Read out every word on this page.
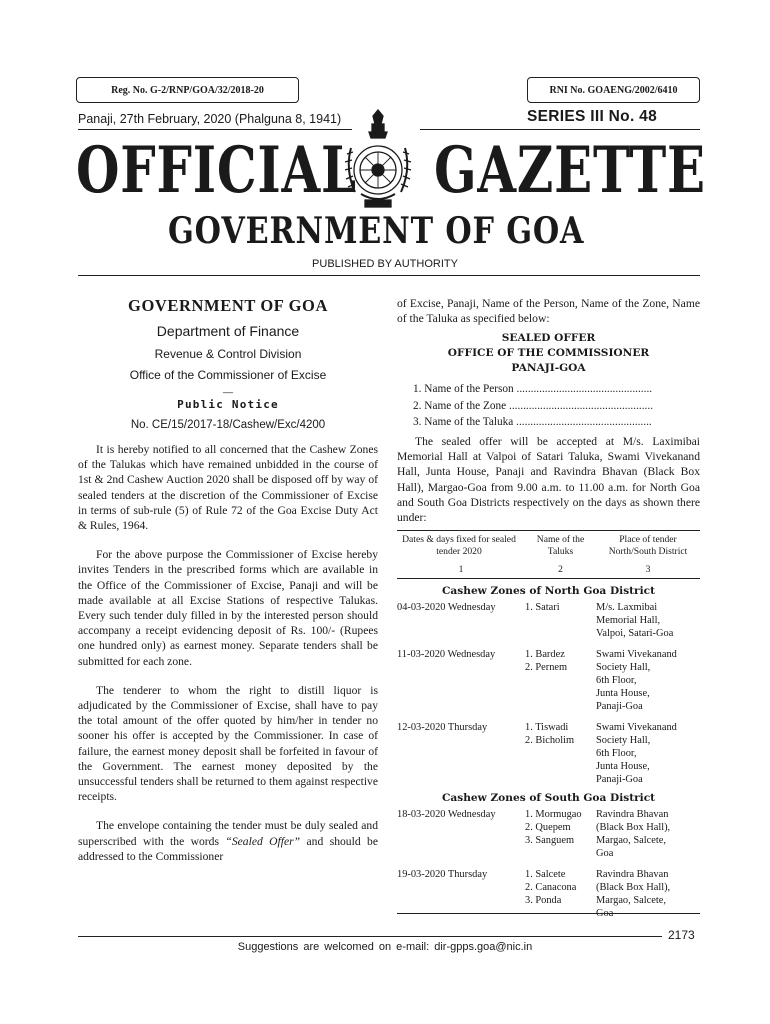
Reg. No. G-2/RNP/GOA/32/2018-20	RNI No. GOAENG/2002/6410
Panaji, 27th February, 2020 (Phalguna 8, 1941)	SERIES III No. 48
OFFICIAL GAZETTE
GOVERNMENT OF GOA
PUBLISHED BY AUTHORITY
GOVERNMENT OF GOA
Department of Finance
Revenue & Control Division
Office of the Commissioner of Excise
__
Public Notice
No. CE/15/2017-18/Cashew/Exc/4200

It is hereby notified to all concerned that the Cashew Zones of the Talukas which have remained unbidded in the course of 1st & 2nd Cashew Auction 2020 shall be disposed off by way of sealed tenders at the discretion of the Commissioner of Excise in terms of sub-rule (5) of Rule 72 of the Goa Excise Duty Act & Rules, 1964.

For the above purpose the Commissioner of Excise hereby invites Tenders in the prescribed forms which are available in the Office of the Commissioner of Excise, Panaji and will be made available at all Excise Stations of respective Talukas. Every such tender duly filled in by the interested person should accompany a receipt evidencing deposit of Rs. 100/- (Rupees one hundred only) as earnest money. Separate tenders shall be submitted for each zone.

The tenderer to whom the right to distill liquor is adjudicated by the Commissioner of Excise, shall have to pay the total amount of the offer quoted by him/her in tender no sooner his offer is accepted by the Commissioner. In case of failure, the earnest money deposit shall be forfeited in favour of the Government. The earnest money deposited by the unsuccessful tenders shall be returned to them against respective receipts.

The envelope containing the tender must be duly sealed and superscribed with the words “Sealed Offer” and should be addressed to the Commissioner

of Excise, Panaji, Name of the Person, Name of the Zone, Name of the Taluka as specified below:

SEALED OFFER
OFFICE OF THE COMMISSIONER
PANAJI-GOA
1. Name of the Person ................................................
2. Name of the Zone ...................................................
3. Name of the Taluka ................................................

The sealed offer will be accepted at M/s. Laximibai Memorial Hall at Valpoi of Satari Taluka, Swami Vivekanand Hall, Junta House, Panaji and Ravindra Bhavan (Black Box Hall), Margao-Goa from 9.00 a.m. to 11.00 a.m. for North Goa and South Goa Districts respectively on the days as shown there under:

Dates & days fixed for sealed tender 2020	Name of the Taluks	Place of tender North/South District
1	2	3
Cashew Zones of North Goa District
04-03-2020 Wednesday	1. Satari	M/s. Laxmibai
Memorial Hall,
Valpoi, Satari-Goa
11-03-2020 Wednesday	1. Bardez
2. Pernem	Swami Vivekanand
Society Hall,
6th Floor,
Junta House,
Panaji-Goa
12-03-2020 Thursday	1. Tiswadi
2. Bicholim	Swami Vivekanand
Society Hall,
6th Floor,
Junta House,
Panaji-Goa
Cashew Zones of South Goa District
18-03-2020 Wednesday	1. Mormugao
2. Quepem
3. Sanguem	Ravindra Bhavan
(Black Box Hall),
Margao, Salcete,
Goa
19-03-2020 Thursday	1. Salcete
2. Canacona
3. Ponda	Ravindra Bhavan
(Black Box Hall),
Margao, Salcete,
Goa
2173
Suggestions are welcomed on e-mail: dir-gpps.goa@nic.in
